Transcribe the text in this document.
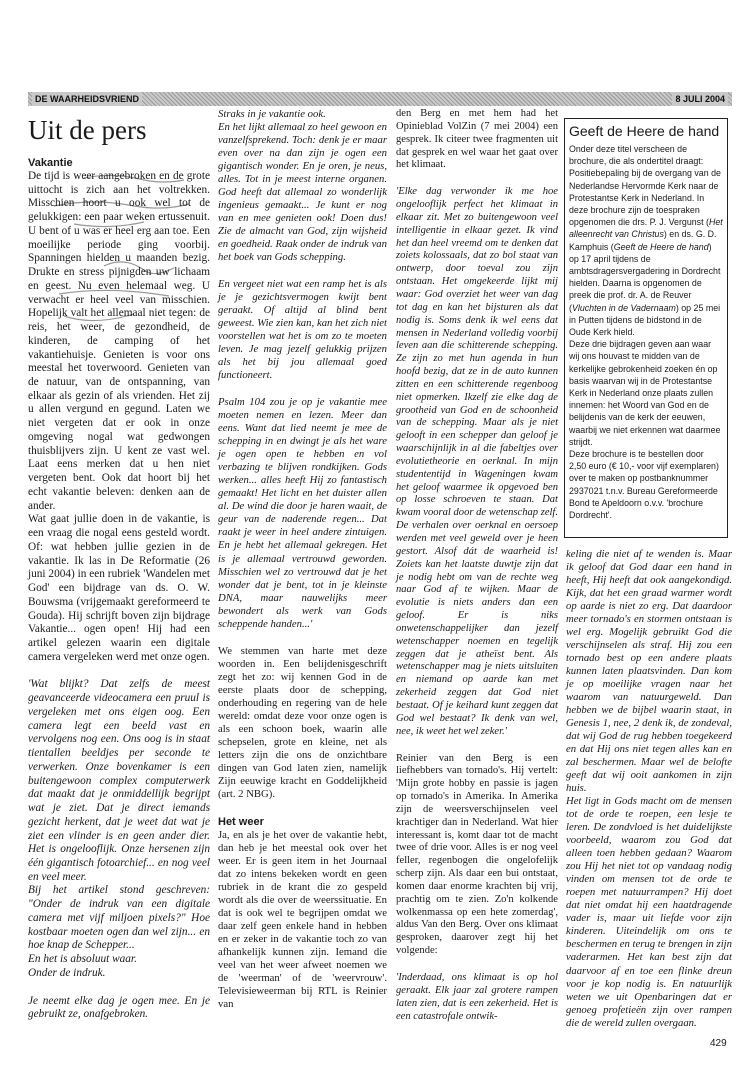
DE WAARHEIDSVRIEND	8 JULI 2004
Uit de pers
Vakantie

De tijd is weer aangebroken en de grote uittocht is zich aan het voltrekken. Misschien hoort u ook wel tot de gelukkigen: een paar weken ertussenuit. U bent of u was er heel erg aan toe. Een moeilijke periode ging voorbij. Spanningen hielden u maanden bezig. Drukte en stress pijnigden uw lichaam en geest. Nu even helemaal weg. U verwacht er heel veel van misschien. Hopelijk valt het allemaal niet tegen: de reis, het weer, de gezondheid, de kinderen, de camping of het vakantiehuisje. Genieten is voor ons meestal het toverwoord. Genieten van de natuur, van de ontspanning, van elkaar als gezin of als vrienden. Het zij u allen vergund en gegund. Laten we niet vergeten dat er ook in onze omgeving nogal wat gedwongen thuisblijvers zijn. U kent ze vast wel. Laat eens merken dat u hen niet vergeten bent. Ook dat hoort bij het echt vakantie beleven: denken aan de ander.

Wat gaat jullie doen in de vakantie, is een vraag die nogal eens gesteld wordt. Of: wat hebben jullie gezien in de vakantie. Ik las in De Reformatie (26 juni 2004) in een rubriek 'Wandelen met God' een bijdrage van ds. O. W. Bouwsma (vrijgemaakt gereformeerd te Gouda). Hij schrijft boven zijn bijdrage Vakantie... ogen open! Hij had een artikel gelezen waarin een digitale camera vergeleken werd met onze ogen.

'Wat blijkt? Dat zelfs de meest geavanceerde videocamera een pruul is vergeleken met ons eigen oog. Een camera legt een beeld vast en vervolgens nog een. Ons oog is in staat tientallen beeldjes per seconde te verwerken. Onze bovenkamer is een buitengewoon complex computerwerk dat maakt dat je onmiddellijk begrijpt wat je ziet. Dat je direct iemands gezicht herkent, dat je weet dat wat je ziet een vlinder is en geen ander dier. Het is ongelooflijk. Onze hersenen zijn één gigantisch fotoarchief... en nog veel en veel meer.

Bij het artikel stond geschreven: "Onder de indruk van een digitale camera met vijf miljoen pixels?" Hoe kostbaar moeten ogen dan wel zijn... en hoe knap de Schepper...

En het is absoluut waar.

Onder de indruk.

Je neemt elke dag je ogen mee. En je gebruikt ze, onafgebroken.

Straks in je vakantie ook.

En het lijkt allemaal zo heel gewoon en vanzelfsprekend. Toch: denk je er maar even over na dan zijn je ogen een gigantisch wonder. En je oren, je neus, alles. Tot in je meest interne organen. God heeft dat allemaal zo wonderlijk ingenieus gemaakt... Je kunt er nog van en mee genieten ook! Doen dus! Zie de almacht van God, zijn wijsheid en goedheid. Raak onder de indruk van het boek van Gods schepping.

En vergeet niet wat een ramp het is als je je gezichtsvermogen kwijt bent geraakt. Of altijd al blind bent geweest. Wie zien kan, kan het zich niet voorstellen wat het is om zo te moeten leven. Je mag jezelf gelukkig prijzen als het bij jou allemaal goed functioneert.

Psalm 104 zou je op je vakantie mee moeten nemen en lezen. Meer dan eens. Want dat lied neemt je mee de schepping in en dwingt je als het ware je ogen open te hebben en vol verbazing te blijven rondkijken. Gods werken... alles heeft Hij zo fantastisch gemaakt! Het licht en het duister allen al. De wind die door je haren waait, de geur van de naderende regen... Dat raakt je weer in heel andere zintuigen. En je hebt het allemaal gekregen. Het is je allemaal vertrouwd geworden. Misschien wel zo vertrouwd dat je het wonder dat je bent, tot in je kleinste DNA, maar nauwelijks meer bewondert als werk van Gods scheppende handen...'

We stemmen van harte met deze woorden in. Een belijdenisgeschrift zegt het zo: wij kennen God in de eerste plaats door de schepping, onderhouding en regering van de hele wereld: omdat deze voor onze ogen is als een schoon boek, waarin alle schepselen, grote en kleine, net als letters zijn die ons de onzichtbare dingen van God laten zien, namelijk Zijn eeuwige kracht en Goddelijkheid (art. 2 NBG).

Het weer

Ja, en als je het over de vakantie hebt, dan heb je het meestal ook over het weer. Er is geen item in het Journaal dat zo intens bekeken wordt en geen rubriek in de krant die zo gespeld wordt als die over de weerssituatie. En dat is ook wel te begrijpen omdat we daar zelf geen enkele hand in hebben en er zeker in de vakantie toch zo van afhankelijk kunnen zijn. Iemand die veel van het weer afweet noemen we de 'weerman' of de 'weervrouw'. Televisieweerman bij RTL is Reinier van

den Berg en met hem had het Opinieblad VolZin (7 mei 2004) een gesprek. Ik citeer twee fragmenten uit dat gesprek en wel waar het gaat over het klimaat.

'Elke dag verwonder ik me hoe ongelooflijk perfect het klimaat in elkaar zit. Met zo buitengewoon veel intelligentie in elkaar gezet. Ik vind het dan heel vreemd om te denken dat zoiets kolossaals, dat zo bol staat van ontwerp, door toeval zou zijn ontstaan. Het omgekeerde lijkt mij waar: God overziet het weer van dag tot dag en kan het bijsturen als dat nodig is. Soms denk ik wel eens dat mensen in Nederland volledig voorbij leven aan die schitterende schepping. Ze zijn zo met hun agenda in hun hoofd bezig, dat ze in de auto kunnen zitten en een schitterende regenboog niet opmerken. Ikzelf zie elke dag de grootheid van God en de schoonheid van de schepping. Maar als je niet gelooft in een schepper dan geloof je waarschijnlijk in al die fabeltjes over evolutietheorie en oerknal. In mijn studententijd in Wageningen kwam het geloof waarmee ik opgevoed ben op losse schroeven te staan. Dat kwam vooral door de wetenschap zelf. De verhalen over oerknal en oersoep werden met veel geweld over je heen gestort. Alsof dát de waarheid is! Zoiets kan het laatste duwtje zijn dat je nodig hebt om van de rechte weg naar God af te wijken. Maar de evolutie is niets anders dan een geloof. Er is niks onwetenschappelijker dan jezelf wetenschapper noemen en tegelijk zeggen dat je atheïst bent. Als wetenschapper mag je niets uitsluiten en niemand op aarde kan met zekerheid zeggen dat God niet bestaat. Of je keihard kunt zeggen dat God wel bestaat? Ik denk van wel, nee, ik weet het wel zeker.'

Reinier van den Berg is een liefhebbers van tornado's. Hij vertelt: 'Mijn grote hobby en passie is jagen op tornado's in Amerika. In Amerika zijn de weersverschijnselen veel krachtiger dan in Nederland. Wat hier interessant is, komt daar tot de macht twee of drie voor. Alles is er nog veel feller, regenbogen die ongelofelijk scherp zijn. Als daar een bui ontstaat, komen daar enorme krachten bij vrij, prachtig om te zien. Zo'n kolkende wolkenmassa op een hete zomerdag', aldus Van den Berg. Over ons klimaat gesproken, daarover zegt hij het volgende:

'Inderdaad, ons klimaat is op hol geraakt. Elk jaar zal grotere rampen laten zien, dat is een zekerheid. Het is een catastrofale ontwik-

Geeft de Heere de hand

Onder deze titel verscheen de brochure, die als ondertitel draagt: Positiebepaling bij de overgang van de Nederlandse Hervormde Kerk naar de Protestantse Kerk in Nederland. In deze brochure zijn de toespraken opgenomen die drs. P. J. Vergunst (Het alleenrecht van Christus) en ds. G. D. Kamphuis (Geeft de Heere de hand) op 17 april tijdens de ambtsdragersvergadering in Dordrecht hielden. Daarna is opgenomen de preek die prof. dr. A. de Reuver (Vluchten in de Vadernaam) op 25 mei in Putten tijdens de bidstond in de Oude Kerk hield.

Deze drie bijdragen geven aan waar wij ons houvast te midden van de kerkelijke gebrokenheid zoeken én op basis waarvan wij in de Protestantse Kerk in Nederland onze plaats zullen innemen: het Woord van God en de belijdenis van de kerk der eeuwen, waarbij we niet erkennen wat daarmee strijdt.

Deze brochure is te bestellen door 2,50 euro (€ 10,- voor vijf exemplaren) over te maken op postbanknummer 2937021 t.n.v. Bureau Gereformeerde Bond te Apeldoorn o.v.v. 'brochure Dordrecht'.

keling die niet af te wenden is. Maar ik geloof dat God daar een hand in heeft, Hij heeft dat ook aangekondigd. Kijk, dat het een graad warmer wordt op aarde is niet zo erg. Dat daardoor meer tornado's en stormen ontstaan is wel erg. Mogelijk gebruikt God die verschijnselen als straf. Hij zou een tornado best op een andere plaats kunnen laten plaatsvinden. Dan kom je op moeilijke vragen naar het waarom van natuurgeweld. Dan hebben we de bijbel waarin staat, in Genesis 1, nee, 2 denk ik, de zondeval, dat wij God de rug hebben toegekeerd en dat Hij ons niet tegen alles kan en zal beschermen. Maar wel de belofte geeft dat wij ooit aankomen in zijn huis.

Het ligt in Gods macht om de mensen tot de orde te roepen, een lesje te leren. De zondvloed is het duidelijkste voorbeeld, waarom zou God dat alleen toen hebben gedaan? Waarom zou Hij het niet tot op vandaag nodig vinden om mensen tot de orde te roepen met natuurrampen? Hij doet dat niet omdat hij een haatdragende vader is, maar uit liefde voor zijn kinderen. Uiteindelijk om ons te beschermen en terug te brengen in zijn vaderarmen. Het kan best zijn dat daarvoor af en toe een flinke dreun voor je kop nodig is. En natuurlijk weten we uit Openbaringen dat er genoeg profetieën zijn over rampen die de wereld zullen overgaan.

429
